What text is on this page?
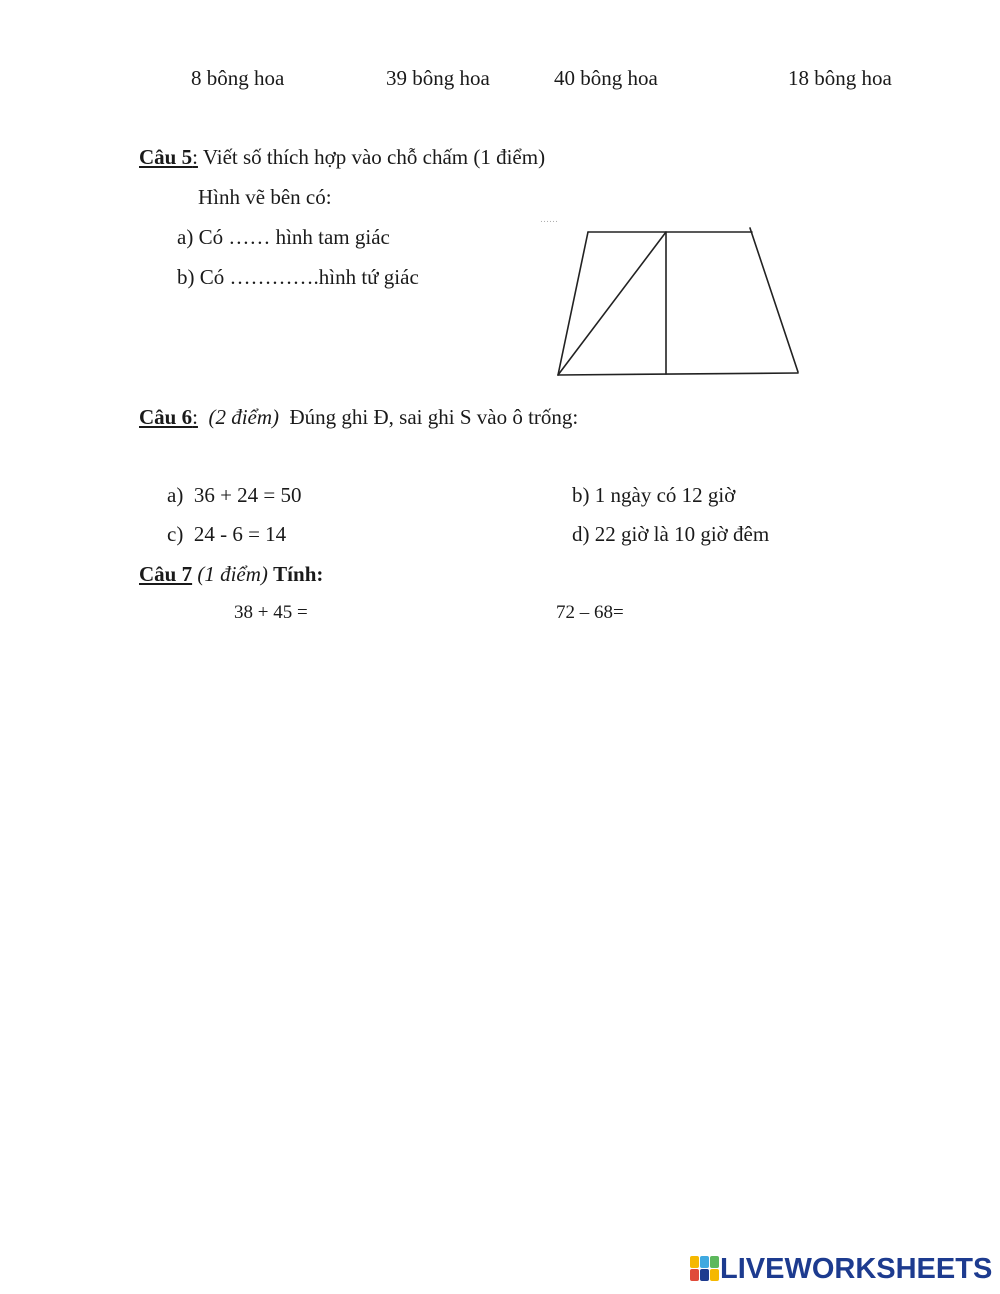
8 bông hoa	39 bông hoa	40 bông hoa	18 bông hoa
Câu 5: Viết số thích hợp vào chỗ chấm (1 điểm)
Hình vẽ bên có:
a) Có …… hình tam giác
b) Có ………….hình tứ giác
……
Câu 6: (2 điểm) Đúng ghi Đ, sai ghi S vào ô trống:
a) 36 + 24 = 50	b) 1 ngày có 12 giờ
c) 24 - 6 = 14	d) 22 giờ là 10 giờ đêm
Câu 7 (1 điểm) Tính:
38 + 45 =	72 – 68=
LIVEWORKSHEETS
